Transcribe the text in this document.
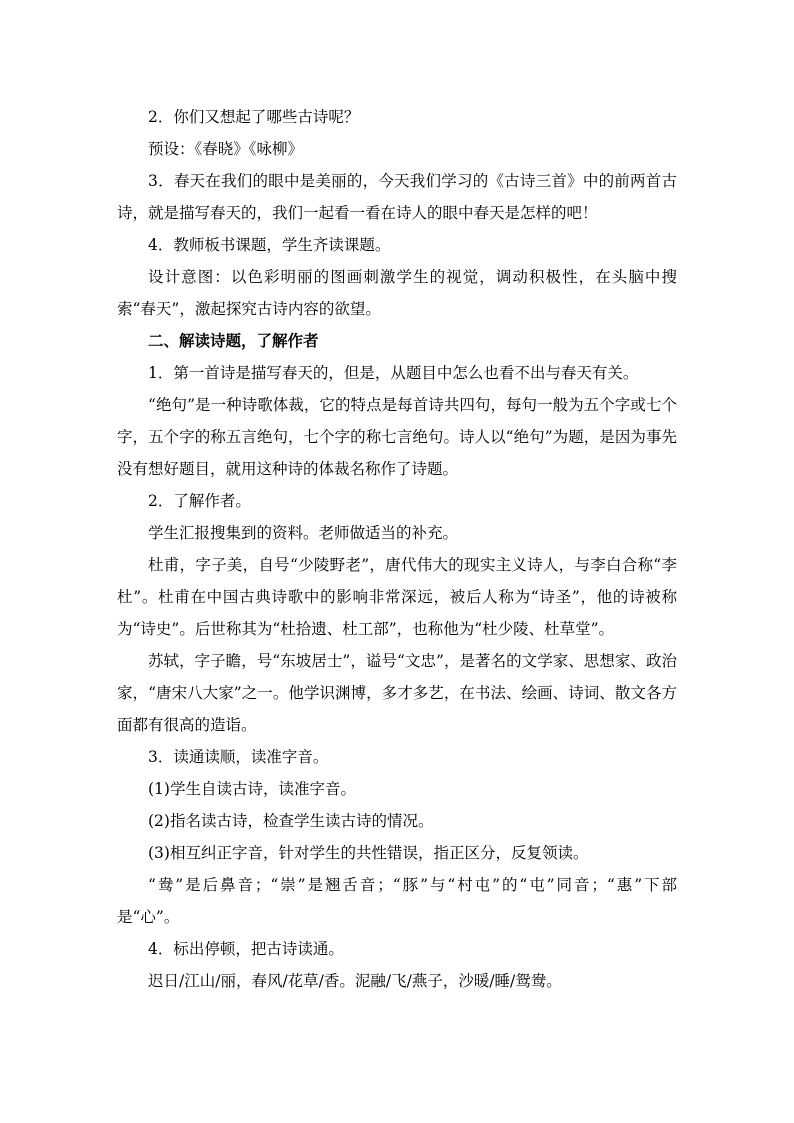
2．你们又想起了哪些古诗呢？

预设：《春晓》《咏柳》

3．春天在我们的眼中是美丽的，今天我们学习的《古诗三首》中的前两首古诗，就是描写春天的，我们一起看一看在诗人的眼中春天是怎样的吧！

4．教师板书课题，学生齐读课题。

设计意图：以色彩明丽的图画刺激学生的视觉，调动积极性，在头脑中搜索“春天”，激起探究古诗内容的欲望。

二、解读诗题，了解作者

1．第一首诗是描写春天的，但是，从题目中怎么也看不出与春天有关。

“绝句”是一种诗歌体裁，它的特点是每首诗共四句，每句一般为五个字或七个字，五个字的称五言绝句，七个字的称七言绝句。诗人以“绝句”为题，是因为事先没有想好题目，就用这种诗的体裁名称作了诗题。

2．了解作者。

学生汇报搜集到的资料。老师做适当的补充。

杜甫，字子美，自号“少陵野老”，唐代伟大的现实主义诗人，与李白合称“李杜”。杜甫在中国古典诗歌中的影响非常深远，被后人称为“诗圣”，他的诗被称为“诗史”。后世称其为“杜拾遗、杜工部”，也称他为“杜少陵、杜草堂”。

苏轼，字子瞻，号“东坡居士”，谥号“文忠”，是著名的文学家、思想家、政治家，“唐宋八大家”之一。他学识渊博，多才多艺，在书法、绘画、诗词、散文各方面都有很高的造诣。

3．读通读顺，读准字音。

(1)学生自读古诗，读准字音。

(2)指名读古诗，检查学生读古诗的情况。

(3)相互纠正字音，针对学生的共性错误，指正区分，反复领读。

“鸯”是后鼻音；“崇”是翘舌音；“豚”与“村屯”的“屯”同音；“惠”下部是“心”。

4．标出停顿，把古诗读通。

迟日/江山/丽，春风/花草/香。泥融/飞/燕子，沙暖/睡/鸳鸯。
